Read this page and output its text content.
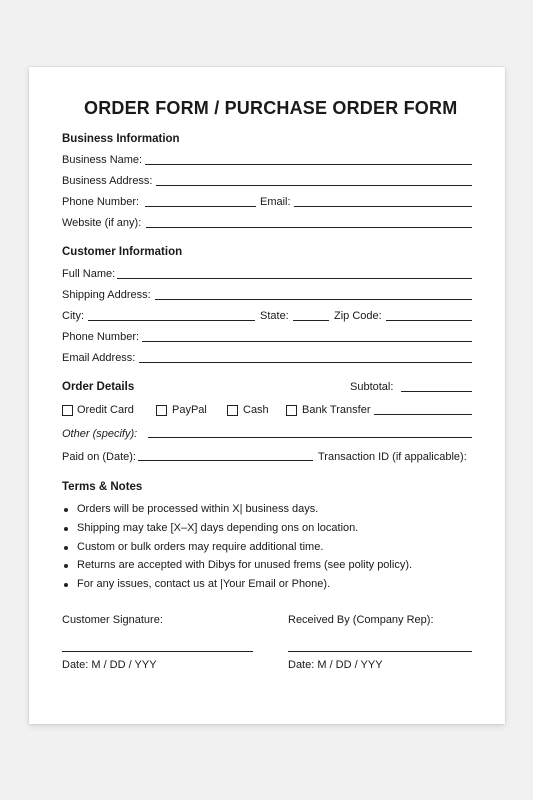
ORDER FORM / PURCHASE ORDER FORM
Business Information
Business Name:
Business Address:
Phone Number:	Email:
Website (if any):
Customer Information
Full Name:
Shipping Address:
City:	State:	Zip Code:
Phone Number:
Email Address:
Order Details	Subtotal:
Oredit Card	PayPal	Cash	Bank Transfer
Other (specify):
Paid on (Date):	Transaction ID (if appalicable):
Terms & Notes
Orders will be processed within X| business days.
Shipping may take [X–X] days depending ons on location.
Custom or bulk orders may require additional time.
Returns are accepted with Dibys for unused frems (see polity policy).
For any issues, contact us at |Your Email or Phone).
Customer Signature:	Received By (Company Rep):
Date: M / DD / YYY	Date: M / DD / YYY
